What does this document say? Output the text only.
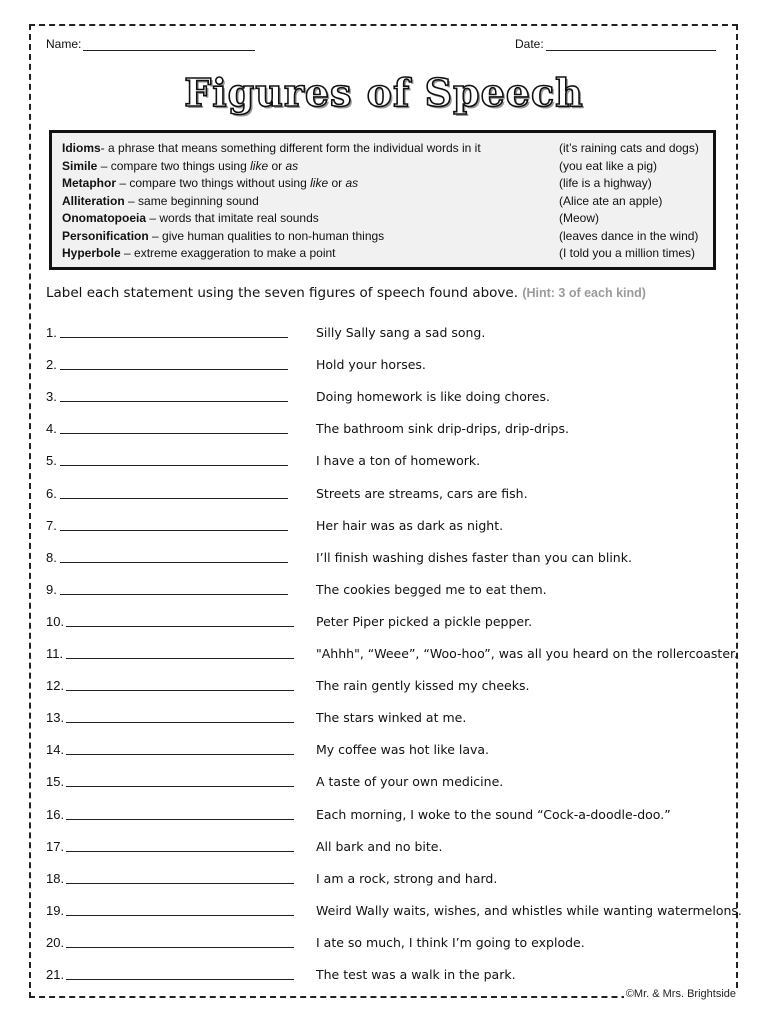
Name:	Date:
Figures of Speech
Idioms- a phrase that means something different form the individual words in it	(it’s raining cats and dogs)
Simile – compare two things using like or as	(you eat like a pig)
Metaphor – compare two things without using like or as	(life is a highway)
Alliteration – same beginning sound	(Alice ate an apple)
Onomatopoeia – words that imitate real sounds	(Meow)
Personification – give human qualities to non-human things	(leaves dance in the wind)
Hyperbole – extreme exaggeration to make a point	(I told you a million times)
Label each statement using the seven figures of speech found above. (Hint: 3 of each kind)
1.	Silly Sally sang a sad song.
2.	Hold your horses.
3.	Doing homework is like doing chores.
4.	The bathroom sink drip-drips, drip-drips.
5.	I have a ton of homework.
6.	Streets are streams, cars are fish.
7.	Her hair was as dark as night.
8.	I’ll finish washing dishes faster than you can blink.
9.	The cookies begged me to eat them.
10.	Peter Piper picked a pickle pepper.
11.	"Ahhh", “Weee”, “Woo-hoo”, was all you heard on the rollercoaster.
12.	The rain gently kissed my cheeks.
13.	The stars winked at me.
14.	My coffee was hot like lava.
15.	A taste of your own medicine.
16.	Each morning, I woke to the sound “Cock-a-doodle-doo.”
17.	All bark and no bite.
18.	I am a rock, strong and hard.
19.	Weird Wally waits, wishes, and whistles while wanting watermelons.
20.	I ate so much, I think I’m going to explode.
21.	The test was a walk in the park.
©Mr. & Mrs. Brightside
